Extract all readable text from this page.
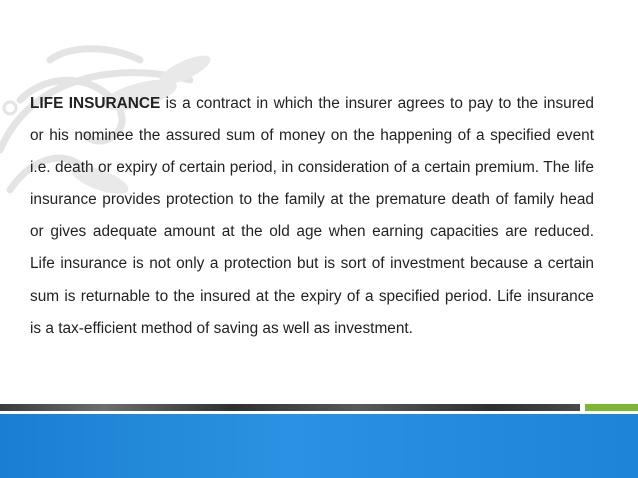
LIFE INSURANCE is a contract in which the insurer agrees to pay to the insured or his nominee the assured sum of money on the happening of a specified event i.e. death or expiry of certain period, in consideration of a certain premium. The life insurance provides protection to the family at the premature death of family head or gives adequate amount at the old age when earning capacities are reduced. Life insurance is not only a protection but is sort of investment because a certain sum is returnable to the insured at the expiry of a specified period. Life insurance is a tax-efficient method of saving as well as investment.
